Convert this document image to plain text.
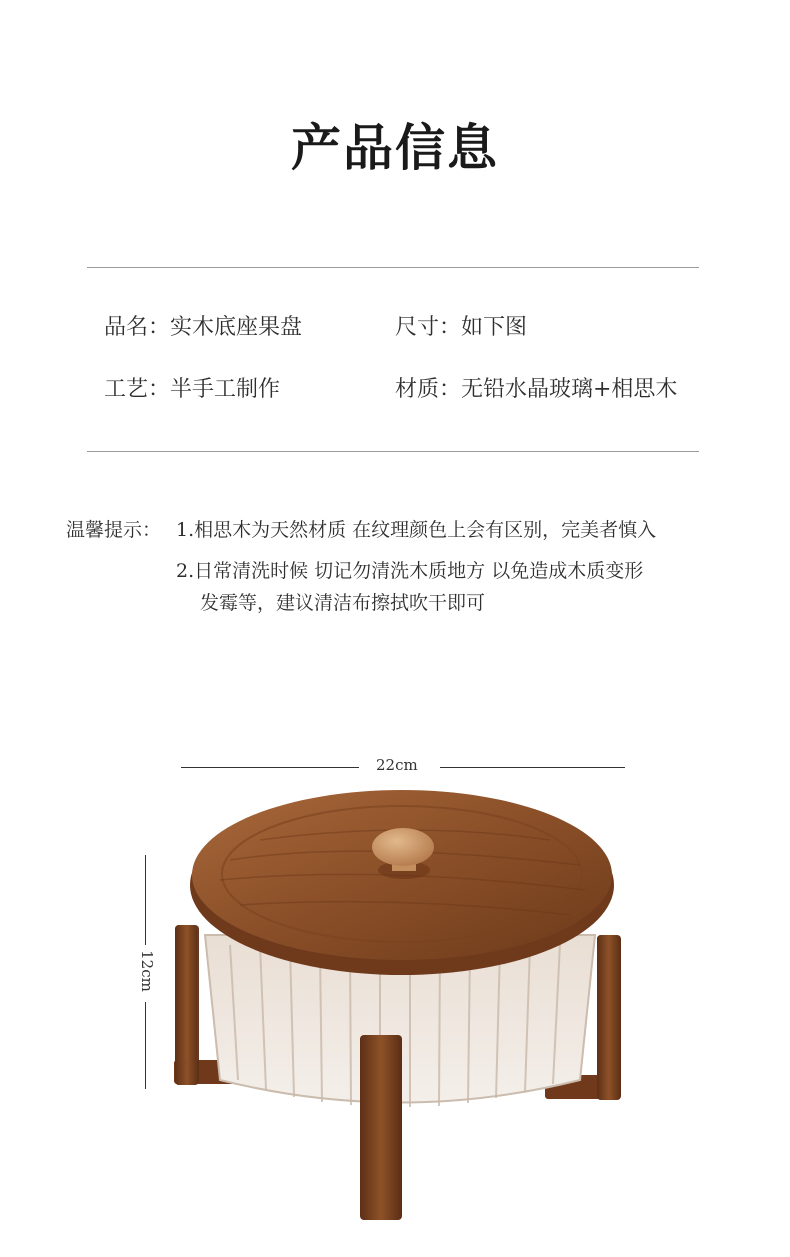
产品信息
品名：实木底座果盘	尺寸：如下图
工艺：半手工制作	材质：无铅水晶玻璃+相思木
温馨提示： 1.相思木为天然材质 在纹理颜色上会有区别，完美者慎入
2.日常清洗时候 切记勿清洗木质地方 以免造成木质变形
发霉等，建议清洁布擦拭吹干即可
22cm
12cm
